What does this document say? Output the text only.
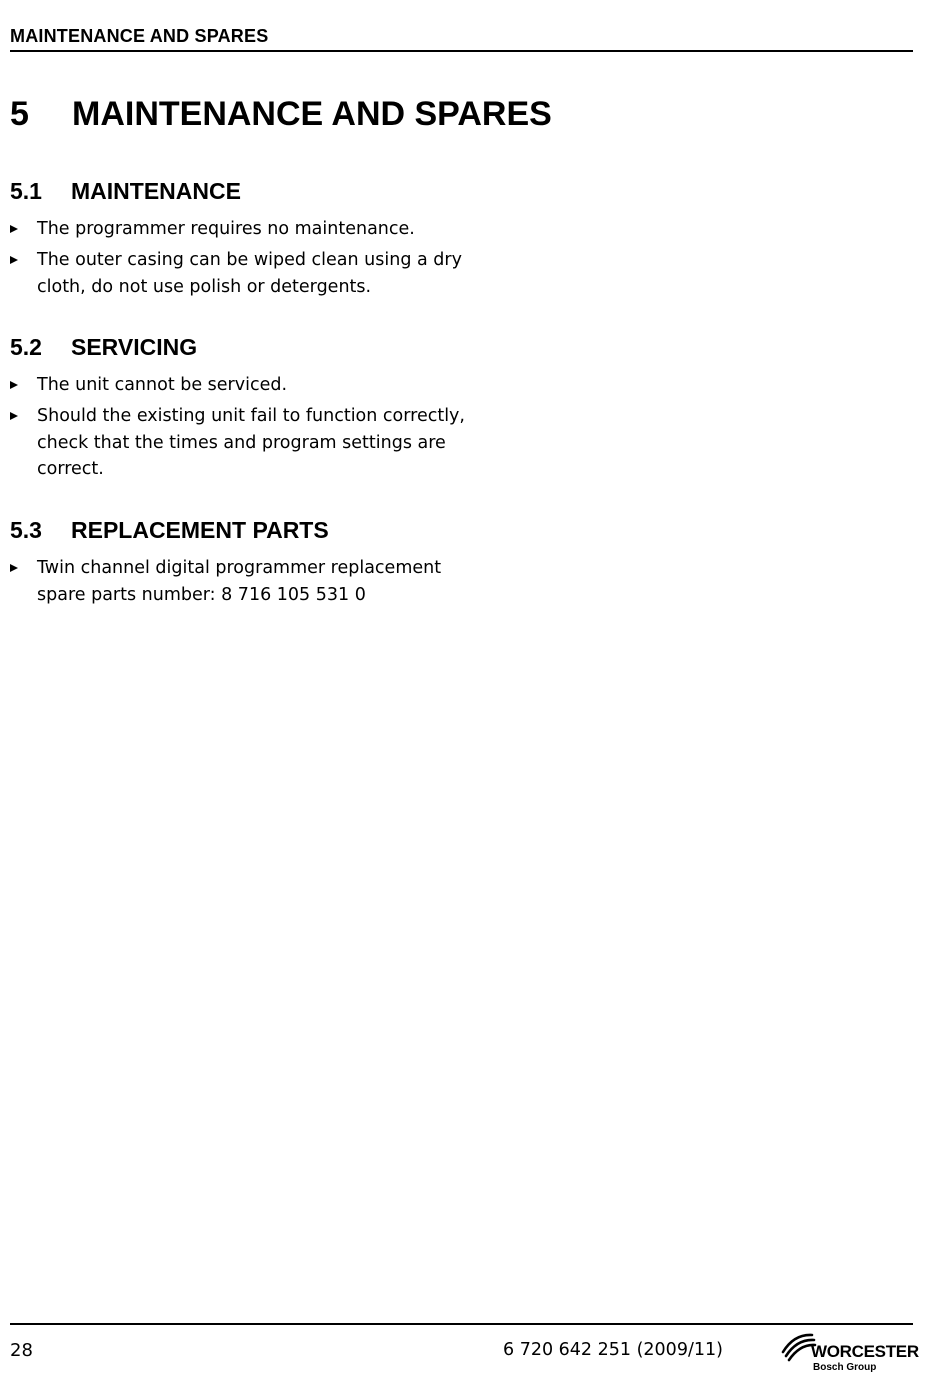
MAINTENANCE AND SPARES
5 MAINTENANCE AND SPARES
5.1 MAINTENANCE
The programmer requires no maintenance.
The outer casing can be wiped clean using a dry cloth, do not use polish or detergents.
5.2 SERVICING
The unit cannot be serviced.
Should the existing unit fail to function correctly, check that the times and program settings are correct.
5.3 REPLACEMENT PARTS
Twin channel digital programmer replacement spare parts number: 8 716 105 531 0
28	6 720 642 251 (2009/11)	WORCESTER
Bosch Group
